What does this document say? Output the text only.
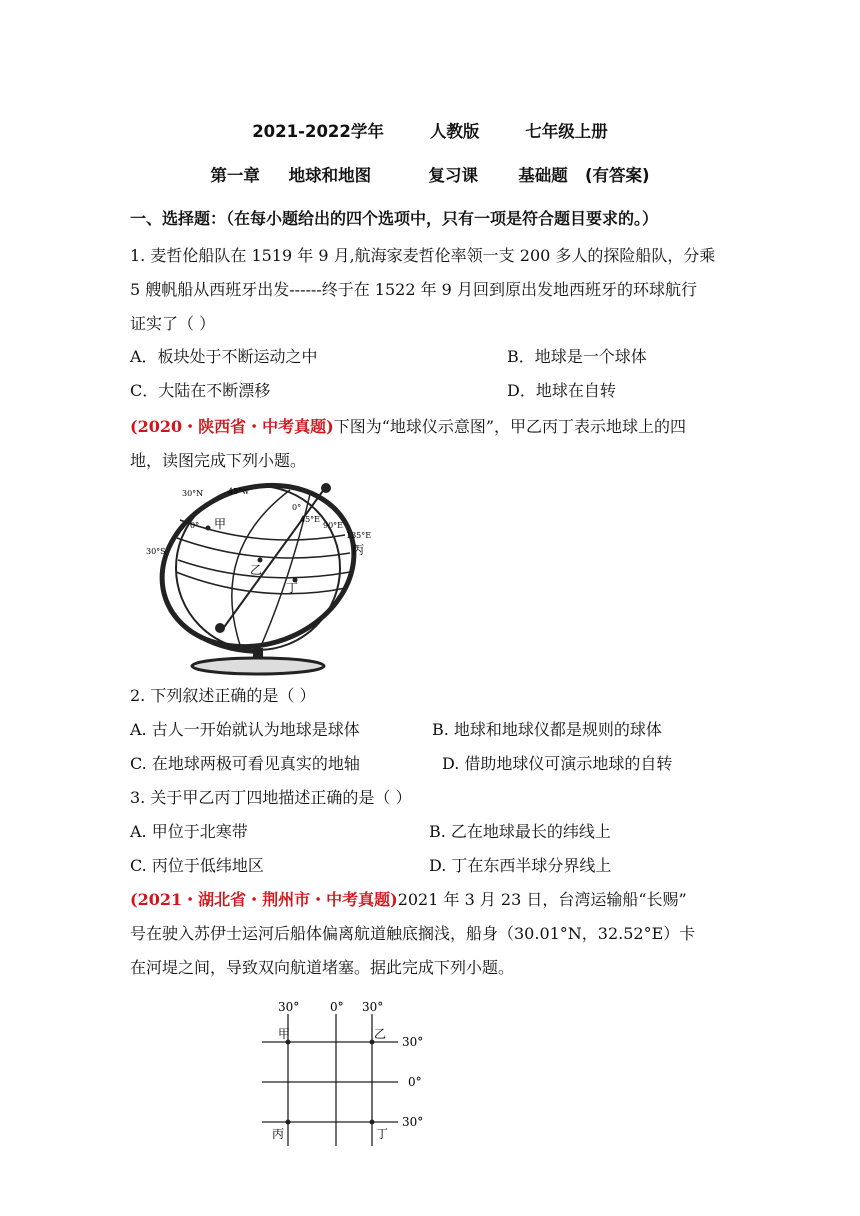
2021-2022学年        人教版        七年级上册
第一章     地球和地图          复习课       基础题   (有答案)
一、选择题：（在每小题给出的四个选项中，只有一项是符合题目要求的。）
1. 麦哲伦船队在 1519 年 9 月,航海家麦哲伦率领一支 200 多人的探险船队，分乘
5 艘帆船从西班牙出发------终于在 1522 年 9 月回到原出发地西班牙的环球航行
证实了（ ）
A．板块处于不断运动之中	B．地球是一个球体
C．大陆在不断漂移	D．地球在自转
(2020・陕西省・中考真题)下图为“地球仪示意图”，甲乙丙丁表示地球上的四
地，读图完成下列小题。
30°N	45°w
0°
45°E
90°E
135°E
0°
30°S
甲
乙
丙
丁
2. 下列叙述正确的是（ ）
A. 古人一开始就认为地球是球体	B. 地球和地球仪都是规则的球体
C. 在地球两极可看见真实的地轴	D. 借助地球仪可演示地球的自转
3. 关于甲乙丙丁四地描述正确的是（ ）
A. 甲位于北寒带	B. 乙在地球最长的纬线上
C. 丙位于低纬地区	D. 丁在东西半球分界线上
(2021・湖北省・荆州市・中考真题)2021 年 3 月 23 日，台湾运输船“长赐”
号在驶入苏伊士运河后船体偏离航道触底搁浅，船身（30.01°N，32.52°E）卡
在河堤之间，导致双向航道堵塞。据此完成下列小题。
30°	0° 30°
30°
0°
30°
甲	乙
丙	丁
